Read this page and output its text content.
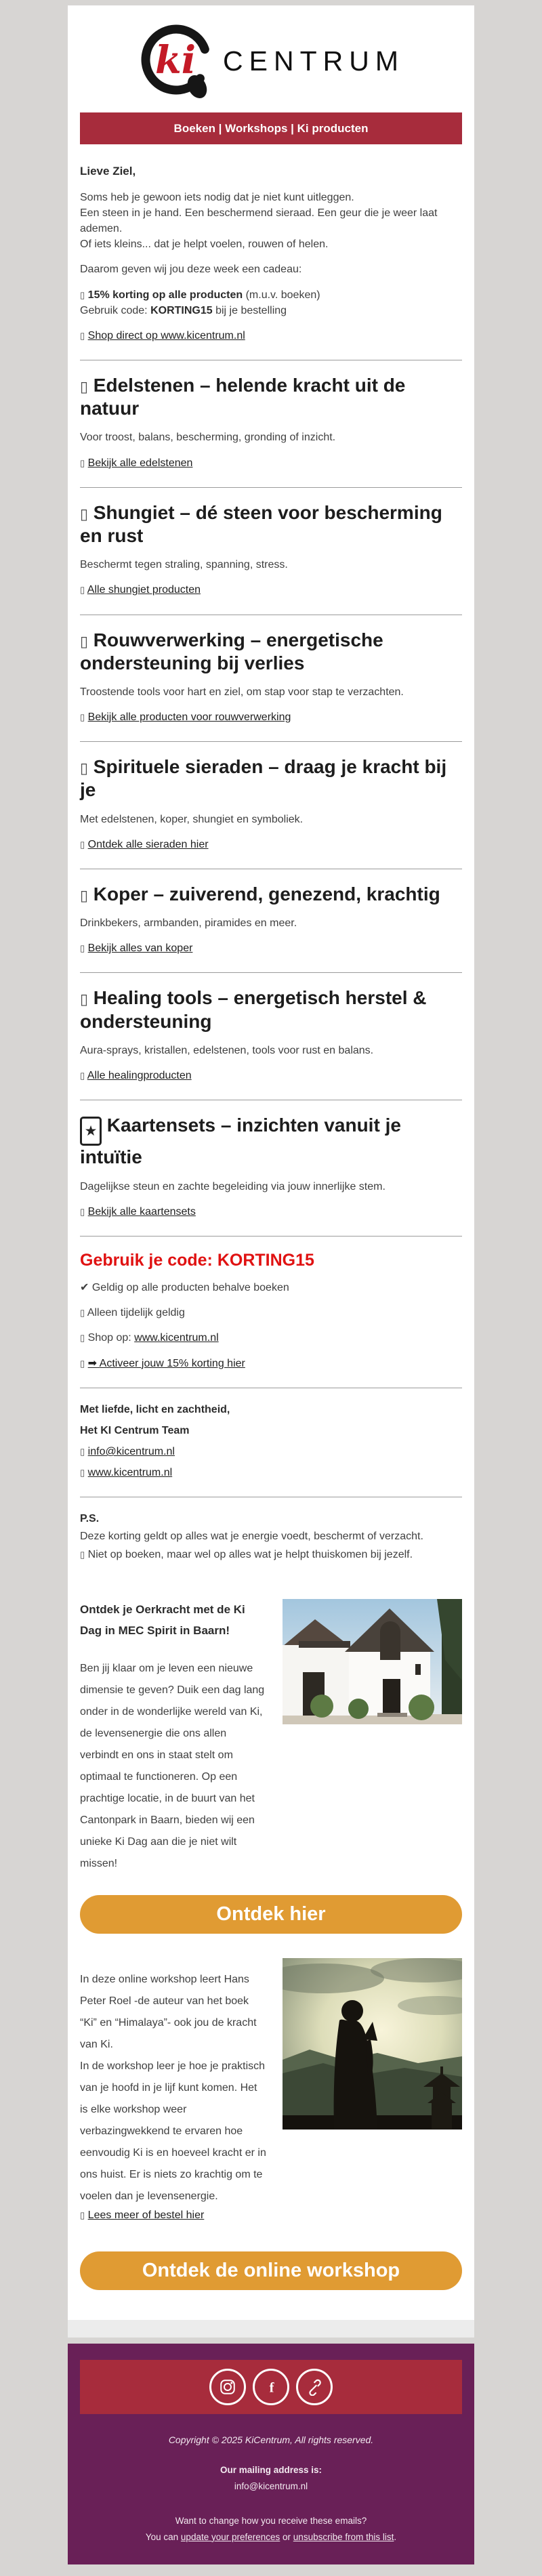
ki CENTRUM
Boeken | Workshops | Ki producten

Lieve Ziel,

Soms heb je gewoon iets nodig dat je niet kunt uitleggen.
Een steen in je hand. Een beschermend sieraad. Een geur die je weer laat ademen.
Of iets kleins... dat je helpt voelen, rouwen of helen.

Daarom geven wij jou deze week een cadeau:

▯ 15% korting op alle producten (m.u.v. boeken)
Gebruik code: KORTING15 bij je bestelling

▯ Shop direct op www.kicentrum.nl

▯ Edelstenen – helende kracht uit de natuur

Voor troost, balans, bescherming, gronding of inzicht.

▯ Bekijk alle edelstenen

▯ Shungiet – dé steen voor bescherming en rust

Beschermt tegen straling, spanning, stress.

▯ Alle shungiet producten

▯ Rouwverwerking – energetische ondersteuning bij verlies

Troostende tools voor hart en ziel, om stap voor stap te verzachten.

▯ Bekijk alle producten voor rouwverwerking

▯ Spirituele sieraden – draag je kracht bij je

Met edelstenen, koper, shungiet en symboliek.

▯ Ontdek alle sieraden hier

▯ Koper – zuiverend, genezend, krachtig

Drinkbekers, armbanden, piramides en meer.

▯ Bekijk alles van koper

▯ Healing tools – energetisch herstel & ondersteuning

Aura-sprays, kristallen, edelstenen, tools voor rust en balans.

▯ Alle healingproducten

★ Kaartensets – inzichten vanuit je intuïtie

Dagelijkse steun en zachte begeleiding via jouw innerlijke stem.

▯ Bekijk alle kaartensets

Gebruik je code: KORTING15

✔ Geldig op alle producten behalve boeken

▯ Alleen tijdelijk geldig

▯ Shop op: www.kicentrum.nl

▯ ➡ Activeer jouw 15% korting hier

Met liefde, licht en zachtheid,

Het KI Centrum Team

▯ info@kicentrum.nl

▯ www.kicentrum.nl

P.S.

Deze korting geldt op alles wat je energie voedt, beschermt of verzacht.

▯ Niet op boeken, maar wel op alles wat je helpt thuiskomen bij jezelf.

Ontdek je Oerkracht met de Ki Dag in MEC Spirit in Baarn!

Ben jij klaar om je leven een nieuwe dimensie te geven? Duik een dag lang onder in de wonderlijke wereld van Ki, de levensenergie die ons allen verbindt en ons in staat stelt om optimaal te functioneren. Op een prachtige locatie, in de buurt van het Cantonpark in Baarn, bieden wij een unieke Ki Dag aan die je niet wilt missen!

Ontdek hier

In deze online workshop leert Hans Peter Roel -de auteur van het boek “Ki” en “Himalaya”- ook jou de kracht van Ki.
In de workshop leer je hoe je praktisch van je hoofd in je lijf kunt komen. Het is elke workshop weer verbazingwekkend te ervaren hoe eenvoudig Ki is en hoeveel kracht er in ons huist. Er is niets zo krachtig om te voelen dan je levensenergie.

▯ Lees meer of bestel hier

Ontdek de online workshop
f

Copyright © 2025 KiCentrum, All rights reserved.

Our mailing address is:

info@kicentrum.nl

Want to change how you receive these emails?

You can update your preferences or unsubscribe from this list.
